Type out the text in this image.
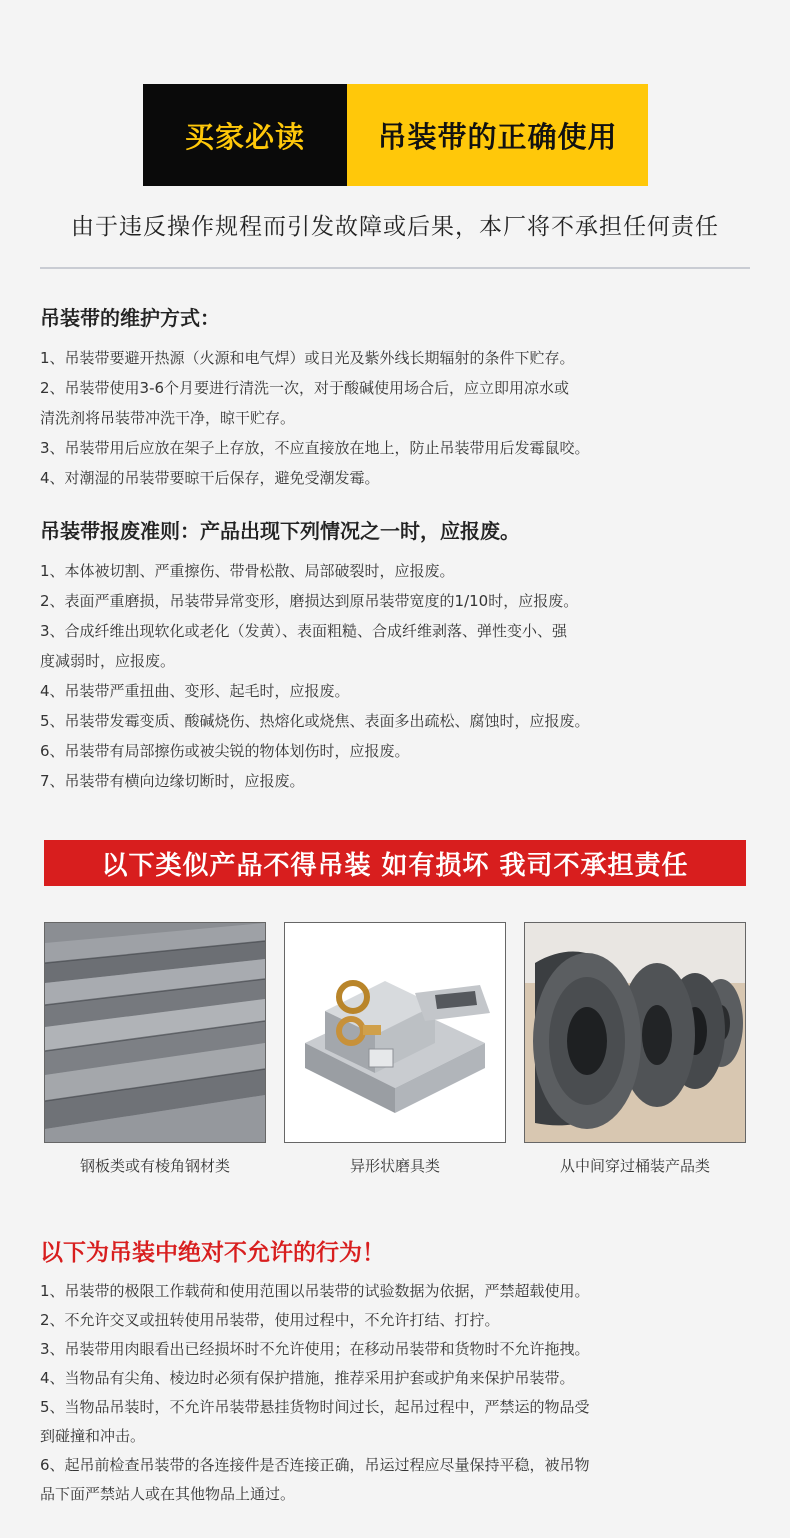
买家必读	吊装带的正确使用
由于违反操作规程而引发故障或后果，本厂将不承担任何责任
吊装带的维护方式：
1、吊装带要避开热源（火源和电气焊）或日光及紫外线长期辐射的条件下贮存。
2、吊装带使用3-6个月要进行清洗一次，对于酸碱使用场合后，应立即用凉水或
清洗剂将吊装带冲洗干净，晾干贮存。
3、吊装带用后应放在架子上存放，不应直接放在地上，防止吊装带用后发霉鼠咬。
4、对潮湿的吊装带要晾干后保存，避免受潮发霉。
吊装带报废准则：产品出现下列情况之一时，应报废。
1、本体被切割、严重擦伤、带骨松散、局部破裂时，应报废。
2、表面严重磨损，吊装带异常变形，磨损达到原吊装带宽度的1/10时，应报废。
3、合成纤维出现软化或老化（发黄）、表面粗糙、合成纤维剥落、弹性变小、强
度减弱时，应报废。
4、吊装带严重扭曲、变形、起毛时，应报废。
5、吊装带发霉变质、酸碱烧伤、热熔化或烧焦、表面多出疏松、腐蚀时，应报废。
6、吊装带有局部擦伤或被尖锐的物体划伤时，应报废。
7、吊装带有横向边缘切断时，应报废。
以下类似产品不得吊装 如有损坏 我司不承担责任
钢板类或有棱角钢材类	异形状磨具类	从中间穿过桶装产品类
以下为吊装中绝对不允许的行为！
1、吊装带的极限工作载荷和使用范围以吊装带的试验数据为依据，严禁超载使用。
2、不允许交叉或扭转使用吊装带，使用过程中，不允许打结、打拧。
3、吊装带用肉眼看出已经损坏时不允许使用；在移动吊装带和货物时不允许拖拽。
4、当物品有尖角、棱边时必须有保护措施，推荐采用护套或护角来保护吊装带。
5、当物品吊装时，不允许吊装带悬挂货物时间过长，起吊过程中，严禁运的物品受
到碰撞和冲击。
6、起吊前检查吊装带的各连接件是否连接正确，吊运过程应尽量保持平稳，被吊物
品下面严禁站人或在其他物品上通过。
